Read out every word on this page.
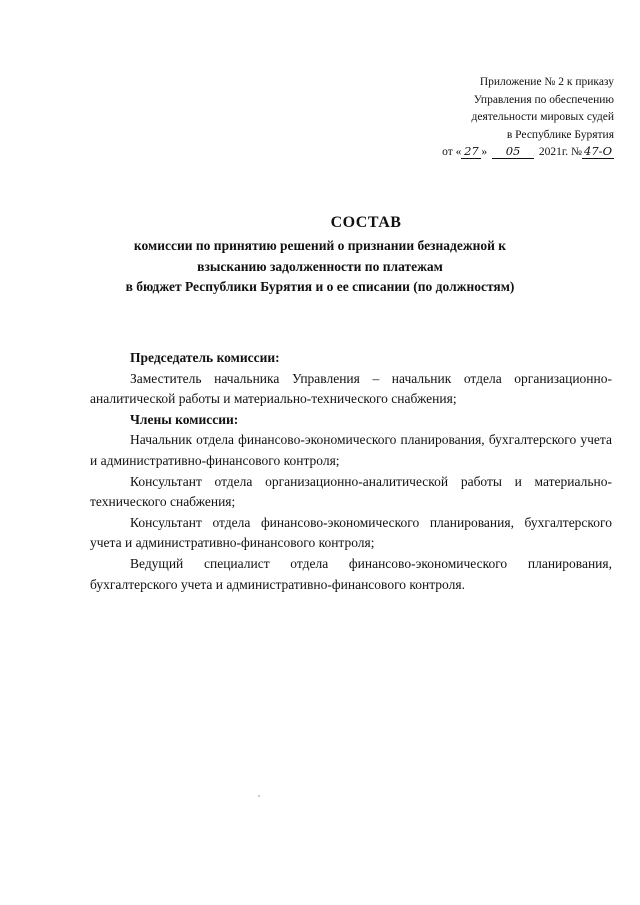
Приложение № 2 к приказу
Управления по обеспечению
деятельности мировых судей
в Республике Бурятия
от « 27 » 05 2021г. № 47-О
СОСТАВ
комиссии по принятию решений о признании безнадежной к
взысканию задолженности по платежам
в бюджет Республики Бурятия и о ее списании (по должностям)

Председатель комиссии:

Заместитель начальника Управления – начальник отдела организационно-аналитической работы и материально-технического снабжения;

Члены комиссии:

Начальник отдела финансово-экономического планирования, бухгалтерского учета и административно-финансового контроля;

Консультант отдела организационно-аналитической работы и материально-технического снабжения;

Консультант отдела финансово-экономического планирования, бухгалтерского учета и административно-финансового контроля;

Ведущий специалист отдела финансово-экономического планирования, бухгалтерского учета и административно-финансового контроля.
